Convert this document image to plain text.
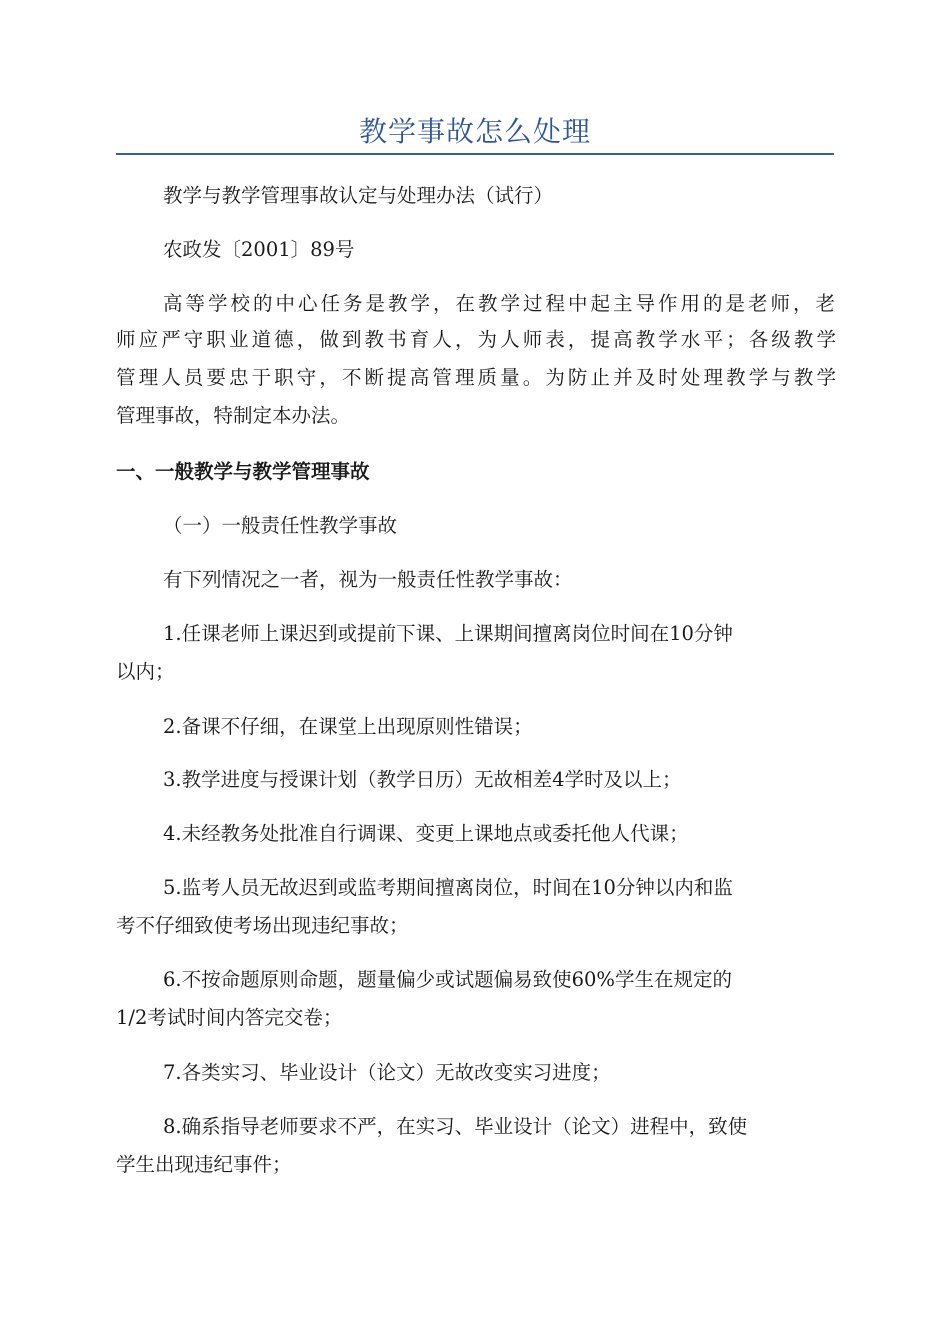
教学事故怎么处理
教学与教学管理事故认定与处理办法（试行）
农政发〔2001〕89号
高等学校的中心任务是教学，在教学过程中起主导作用的是老师，老
师应严守职业道德，做到教书育人，为人师表，提高教学水平；各级教学
管理人员要忠于职守，不断提高管理质量。为防止并及时处理教学与教学
管理事故，特制定本办法。
一、一般教学与教学管理事故
（一）一般责任性教学事故
有下列情况之一者，视为一般责任性教学事故：
1.任课老师上课迟到或提前下课、上课期间擅离岗位时间在10分钟
以内；
2.备课不仔细，在课堂上出现原则性错误；
3.教学进度与授课计划（教学日历）无故相差4学时及以上；
4.未经教务处批准自行调课、变更上课地点或委托他人代课；
5.监考人员无故迟到或监考期间擅离岗位，时间在10分钟以内和监
考不仔细致使考场出现违纪事故；
6.不按命题原则命题，题量偏少或试题偏易致使60%学生在规定的
1/2考试时间内答完交卷；
7.各类实习、毕业设计（论文）无故改变实习进度；
8.确系指导老师要求不严，在实习、毕业设计（论文）进程中，致使
学生出现违纪事件；
